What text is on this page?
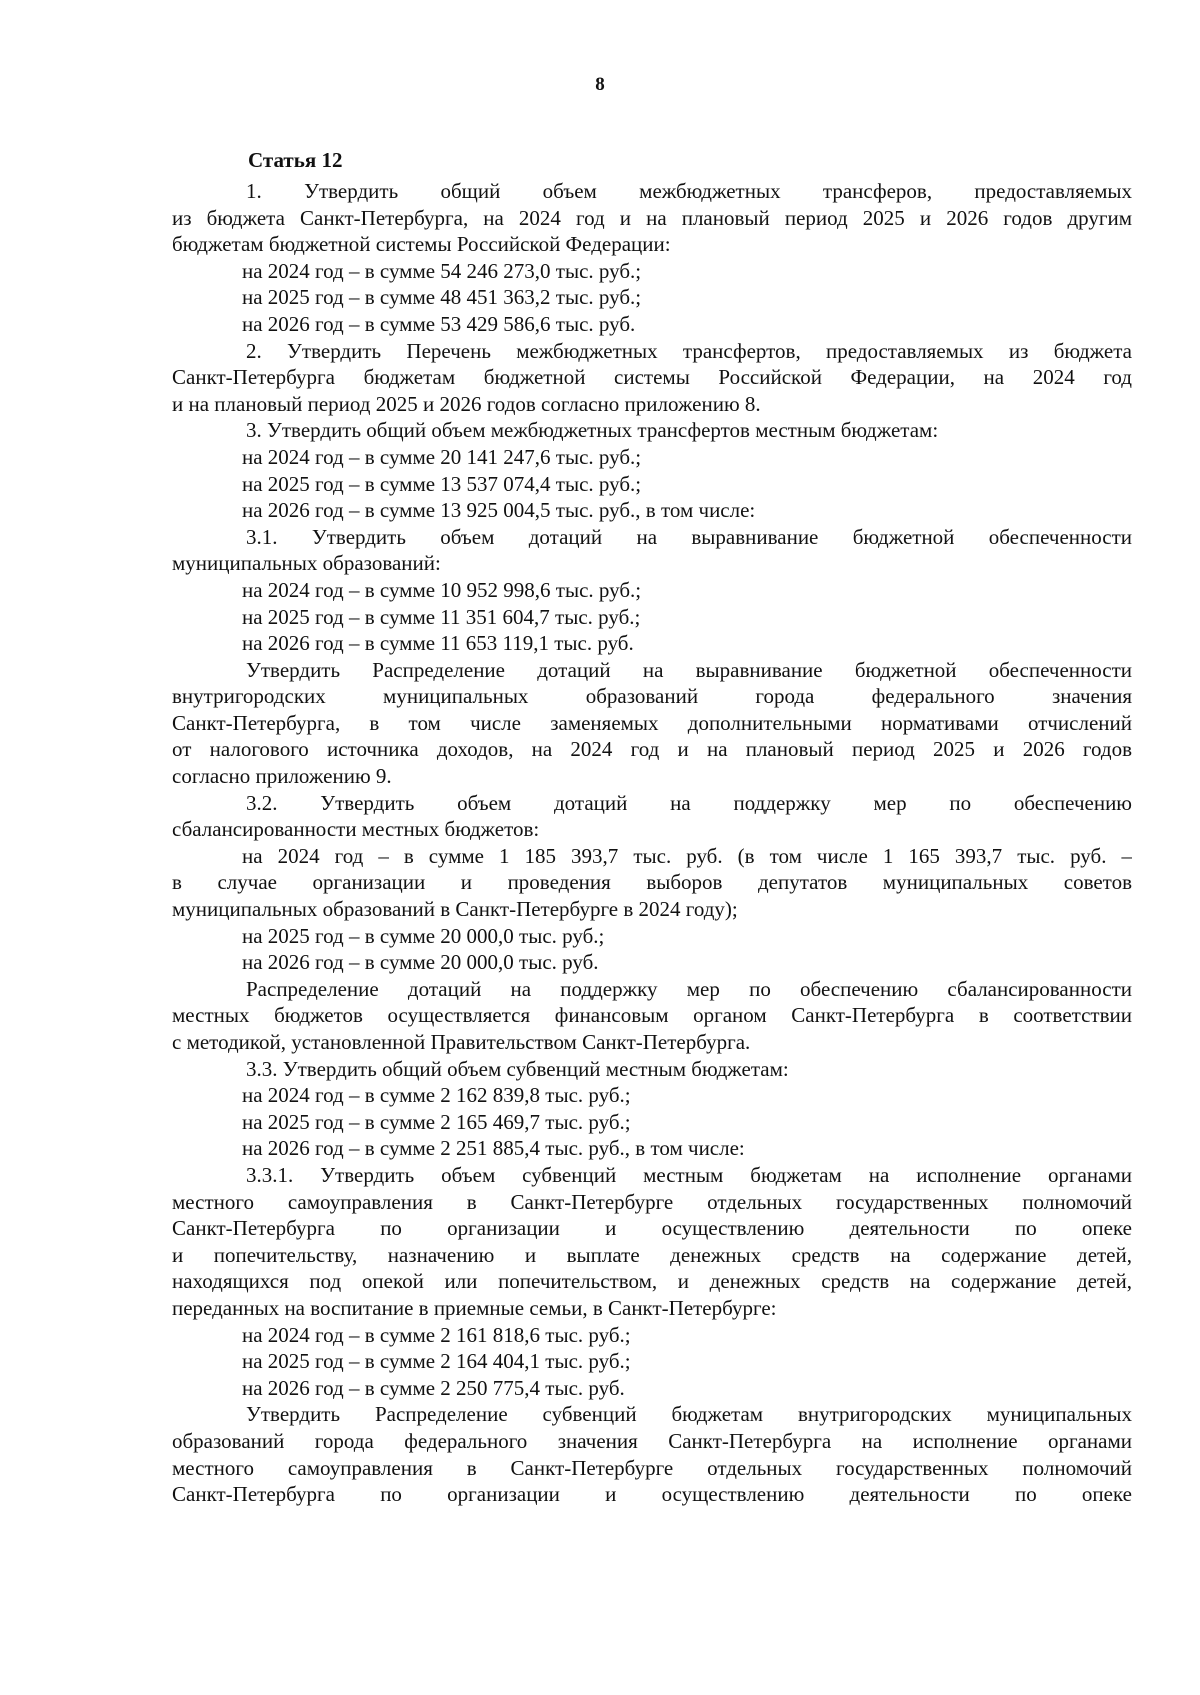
8
Статья 12
1. Утвердить общий объем межбюджетных трансферов, предоставляемых
из бюджета Санкт-Петербурга, на 2024 год и на плановый период 2025 и 2026 годов другим
бюджетам бюджетной системы Российской Федерации:
на 2024 год – в сумме 54 246 273,0 тыс. руб.;
на 2025 год – в сумме 48 451 363,2 тыс. руб.;
на 2026 год – в сумме 53 429 586,6 тыс. руб.
2. Утвердить Перечень межбюджетных трансфертов, предоставляемых из бюджета
Санкт-Петербурга бюджетам бюджетной системы Российской Федерации, на 2024 год
и на плановый период 2025 и 2026 годов согласно приложению 8.
3. Утвердить общий объем межбюджетных трансфертов местным бюджетам:
на 2024 год – в сумме 20 141 247,6 тыс. руб.;
на 2025 год – в сумме 13 537 074,4 тыс. руб.;
на 2026 год – в сумме 13 925 004,5 тыс. руб., в том числе:
3.1. Утвердить объем дотаций на выравнивание бюджетной обеспеченности
муниципальных образований:
на 2024 год – в сумме 10 952 998,6 тыс. руб.;
на 2025 год – в сумме 11 351 604,7 тыс. руб.;
на 2026 год – в сумме 11 653 119,1 тыс. руб.
Утвердить Распределение дотаций на выравнивание бюджетной обеспеченности
внутригородских муниципальных образований города федерального значения
Санкт-Петербурга, в том числе заменяемых дополнительными нормативами отчислений
от налогового источника доходов, на 2024 год и на плановый период 2025 и 2026 годов
согласно приложению 9.
3.2. Утвердить объем дотаций на поддержку мер по обеспечению
сбалансированности местных бюджетов:
на 2024 год – в сумме 1 185 393,7 тыс. руб. (в том числе 1 165 393,7 тыс. руб. –
в случае организации и проведения выборов депутатов муниципальных советов
муниципальных образований в Санкт-Петербурге в 2024 году);
на 2025 год – в сумме 20 000,0 тыс. руб.;
на 2026 год – в сумме 20 000,0 тыс. руб.
Распределение дотаций на поддержку мер по обеспечению сбалансированности
местных бюджетов осуществляется финансовым органом Санкт-Петербурга в соответствии
с методикой, установленной Правительством Санкт-Петербурга.
3.3. Утвердить общий объем субвенций местным бюджетам:
на 2024 год – в сумме 2 162 839,8 тыс. руб.;
на 2025 год – в сумме 2 165 469,7 тыс. руб.;
на 2026 год – в сумме 2 251 885,4 тыс. руб., в том числе:
3.3.1. Утвердить объем субвенций местным бюджетам на исполнение органами
местного самоуправления в Санкт-Петербурге отдельных государственных полномочий
Санкт-Петербурга по организации и осуществлению деятельности по опеке
и попечительству, назначению и выплате денежных средств на содержание детей,
находящихся под опекой или попечительством, и денежных средств на содержание детей,
переданных на воспитание в приемные семьи, в Санкт-Петербурге:
на 2024 год – в сумме 2 161 818,6 тыс. руб.;
на 2025 год – в сумме 2 164 404,1 тыс. руб.;
на 2026 год – в сумме 2 250 775,4 тыс. руб.
Утвердить Распределение субвенций бюджетам внутригородских муниципальных
образований города федерального значения Санкт-Петербурга на исполнение органами
местного самоуправления в Санкт-Петербурге отдельных государственных полномочий
Санкт-Петербурга по организации и осуществлению деятельности по опеке
